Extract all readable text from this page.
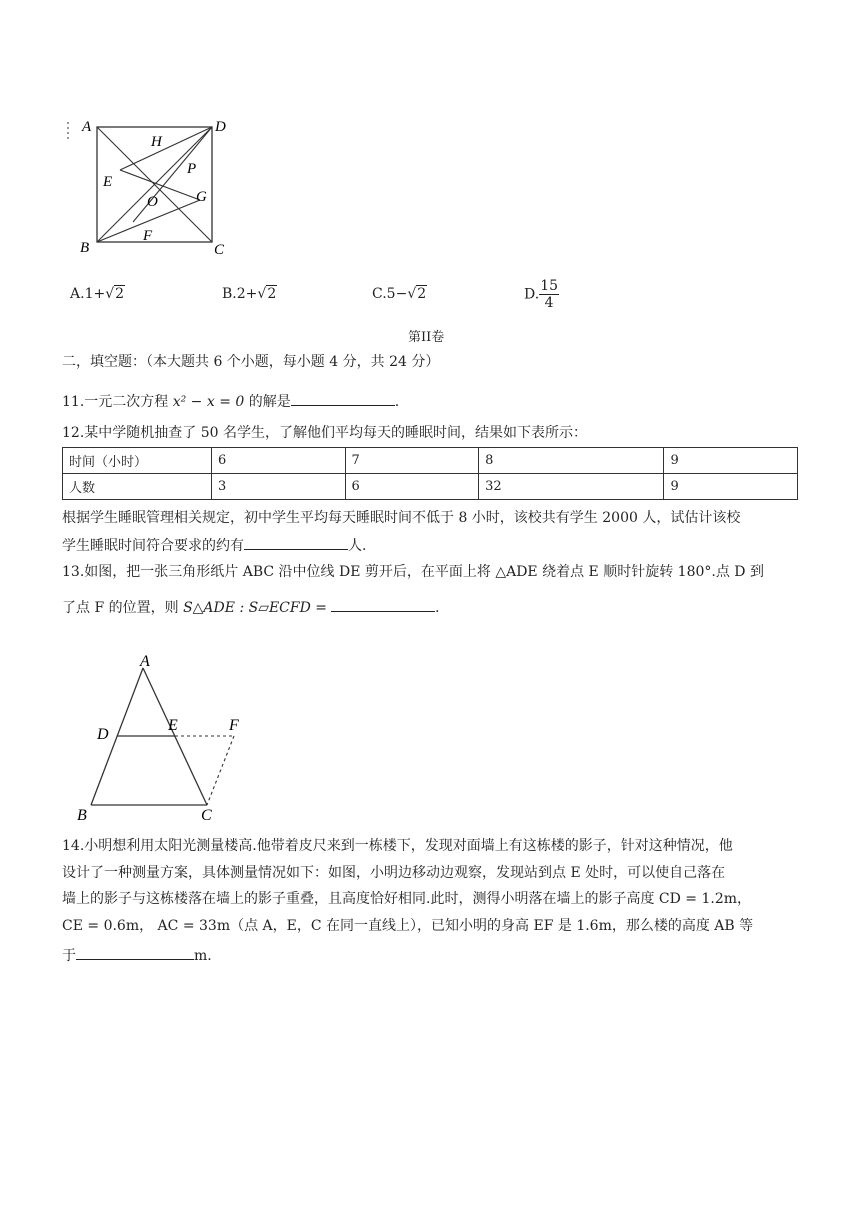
A	D
H
P
E
G
O
F
B	C
A.1+√2	B.2+√2	C.5−√2	D. $\frac{15}{4}$
第II卷
二，填空题：（本大题共 6 个小题，每小题 4 分，共 24 分）
11.一元二次方程 x² − x = 0 的解是	.
12.某中学随机抽查了 50 名学生，了解他们平均每天的睡眠时间，结果如下表所示：
时间（小时）	6	7	8	9
人数	3	6	32	9
根据学生睡眠管理相关规定，初中学生平均每天睡眠时间不低于 8 小时，该校共有学生 2000 人，试估计该校
学生睡眠时间符合要求的约有	人.
13.如图，把一张三角形纸片 ABC 沿中位线 DE 剪开后，在平面上将 △ADE 绕着点 E 顺时针旋转 180°.点 D 到
了点 F 的位置，则 S△ADE : S▱ECFD =	.
A
D
E	F
B	C
14.小明想利用太阳光测量楼高.他带着皮尺来到一栋楼下，发现对面墙上有这栋楼的影子，针对这种情况，他
设计了一种测量方案，具体测量情况如下：如图，小明边移动边观察，发现站到点 E 处时，可以使自己落在
墙上的影子与这栋楼落在墙上的影子重叠，且高度恰好相同.此时，测得小明落在墙上的影子高度 CD = 1.2m，
CE = 0.6m， AC = 33m（点 A，E，C 在同一直线上），已知小明的身高 EF 是 1.6m，那么楼的高度 AB 等
于	m.
